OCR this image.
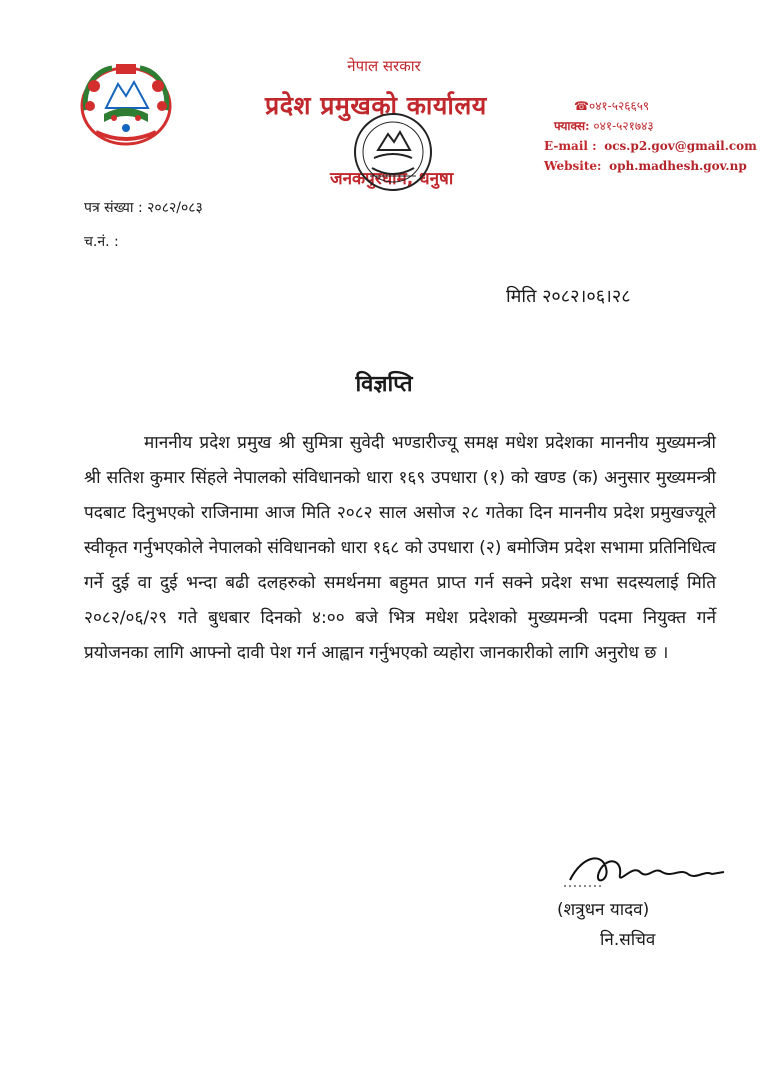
नेपाल सरकार
प्रदेश प्रमुखको कार्यालय
जनकपुरधाम, धनुषा
☎ ०४१-५२६६५९
फ्याक्स:
०४१-५२१७४३
E-mail :
ocs.p2.gov@gmail.com
Website:
oph.madhesh.gov.np
पत्र संख्या : २०८२/०८३
च.नं. :
मिति २०८२।०६।२८
विज्ञप्ति
माननीय प्रदेश प्रमुख श्री सुमित्रा सुवेदी भण्डारीज्यू समक्ष मधेश प्रदेशका माननीय मुख्यमन्त्री श्री सतिश कुमार सिंहले नेपालको संविधानको धारा १६९ उपधारा (१) को खण्ड (क) अनुसार मुख्यमन्त्री पदबाट दिनुभएको राजिनामा आज मिति २०८२ साल असोज २८ गतेका दिन माननीय प्रदेश प्रमुखज्यूले स्वीकृत गर्नुभएकोले नेपालको संविधानको धारा १६८ को उपधारा (२) बमोजिम प्रदेश सभामा प्रतिनिधित्व गर्ने दुई वा दुई भन्दा बढी दलहरुको समर्थनमा बहुमत प्राप्त गर्न सक्ने प्रदेश सभा सदस्यलाई मिति २०८२/०६/२९ गते बुधबार दिनको ४:०० बजे भित्र मधेश प्रदेशको मुख्यमन्त्री पदमा नियुक्त गर्ने प्रयोजनका लागि आफ्नो दावी पेश गर्न आह्वान गर्नुभएको व्यहोरा जानकारीको लागि अनुरोध छ ।
(शत्रुधन यादव)
नि.सचिव
